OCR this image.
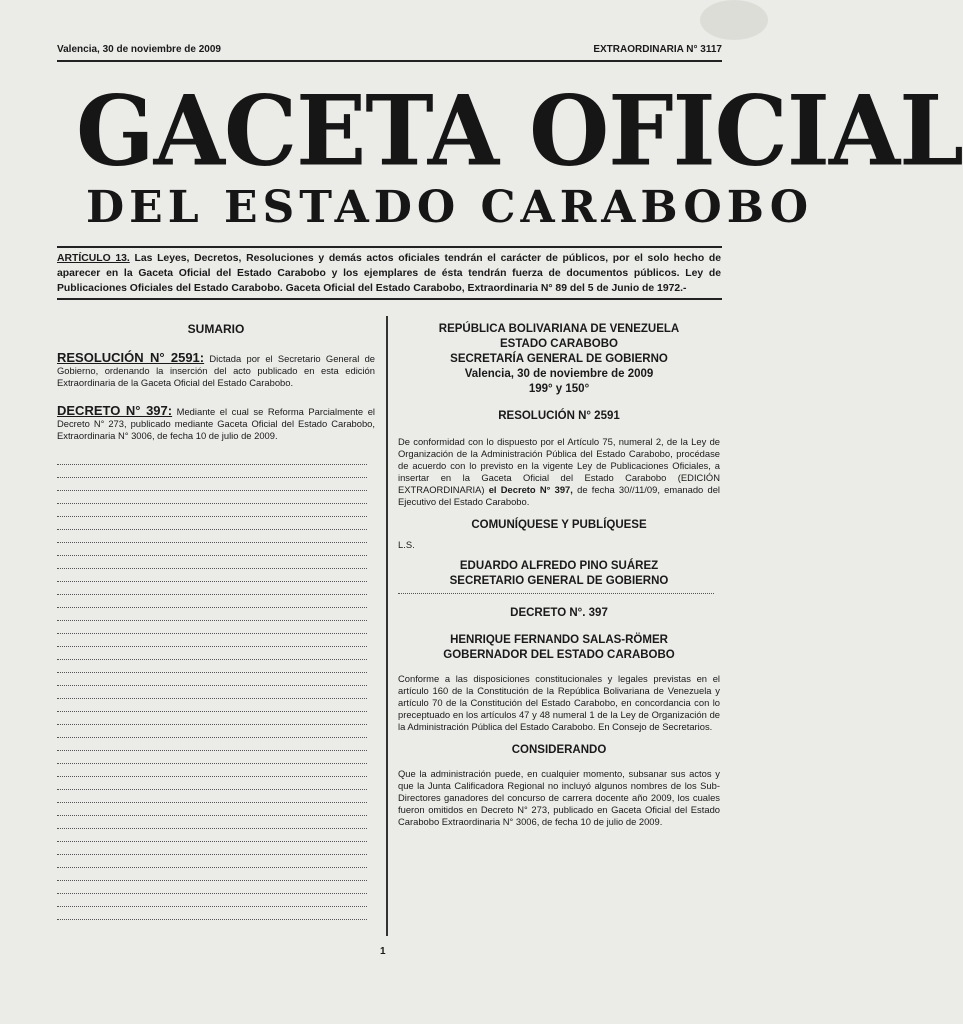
Valencia, 30 de noviembre de 2009	EXTRAORDINARIA N° 3117
GACETA OFICIAL
DEL ESTADO CARABOBO
ARTÍCULO 13. Las Leyes, Decretos, Resoluciones y demás actos oficiales tendrán el carácter de públicos, por el solo hecho de aparecer en la Gaceta Oficial del Estado Carabobo y los ejemplares de ésta tendrán fuerza de documentos públicos. Ley de Publicaciones Oficiales del Estado Carabobo. Gaceta Oficial del Estado Carabobo, Extraordinaria N° 89 del 5 de Junio de 1972.-
SUMARIO

RESOLUCIÓN N° 2591: Dictada por el Secretario General de Gobierno, ordenando la inserción del acto publicado en esta edición Extraordinaria de la Gaceta Oficial del Estado Carabobo.

DECRETO N° 397: Mediante el cual se Reforma Parcialmente el Decreto N° 273, publicado mediante Gaceta Oficial del Estado Carabobo, Extraordinaria N° 3006, de fecha 10 de julio de 2009.

REPÚBLICA BOLIVARIANA DE VENEZUELA

ESTADO CARABOBO

SECRETARÍA GENERAL DE GOBIERNO

Valencia, 30 de noviembre de 2009

199° y 150°

RESOLUCIÓN N° 2591

De conformidad con lo dispuesto por el Artículo 75, numeral 2, de la Ley de Organización de la Administración Pública del Estado Carabobo, procédase de acuerdo con lo previsto en la vigente Ley de Publicaciones Oficiales, a insertar en la Gaceta Oficial del Estado Carabobo (EDICIÓN EXTRAORDINARIA) el Decreto N° 397, de fecha 30//11/09, emanado del Ejecutivo del Estado Carabobo.

COMUNÍQUESE Y PUBLÍQUESE

L.S.

EDUARDO ALFREDO PINO SUÁREZ

SECRETARIO GENERAL DE GOBIERNO

DECRETO N°. 397

HENRIQUE FERNANDO SALAS-RÖMER

GOBERNADOR DEL ESTADO CARABOBO

Conforme a las disposiciones constitucionales y legales previstas en el artículo 160 de la Constitución de la República Bolivariana de Venezuela y artículo 70 de la Constitución del Estado Carabobo, en concordancia con lo preceptuado en los artículos 47 y 48 numeral 1 de la Ley de Organización de la Administración Pública del Estado Carabobo. En Consejo de Secretarios.

CONSIDERANDO

Que la administración puede, en cualquier momento, subsanar sus actos y que la Junta Calificadora Regional no incluyó algunos nombres de los Sub-Directores ganadores del concurso de carrera docente año 2009, los cuales fueron omitidos en Decreto N° 273, publicado en Gaceta Oficial del Estado Carabobo Extraordinaria N° 3006, de fecha 10 de julio de 2009.

1
